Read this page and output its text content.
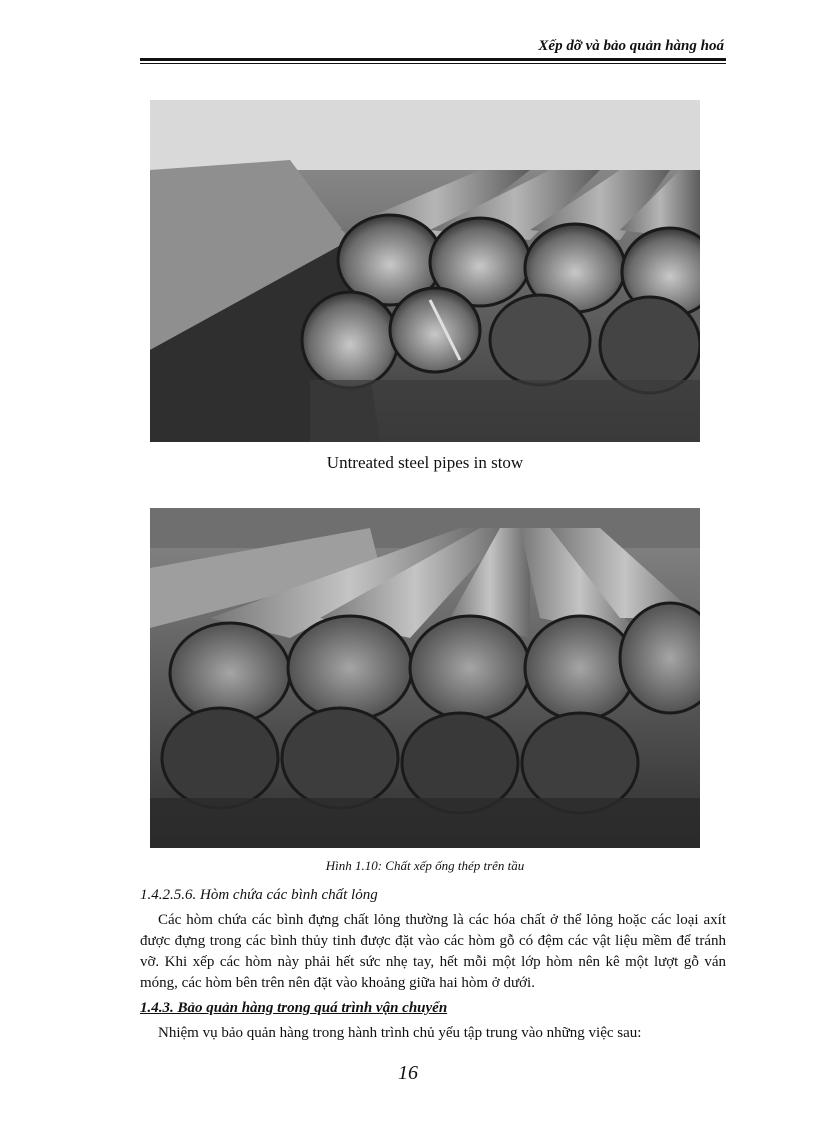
Xếp dỡ và bảo quản hàng hoá
Untreated steel pipes in stow
Hình 1.10: Chất xếp ống thép trên tầu
1.4.2.5.6. Hòm chứa các bình chất lỏng
Các hòm chứa các bình đựng chất lỏng thường là các hóa chất ở thể lỏng hoặc các loại axít được đựng trong các bình thủy tinh được đặt vào các hòm gỗ có đệm các vật liệu mềm để tránh vỡ. Khi xếp các hòm này phải hết sức nhẹ tay, hết mỗi một lớp hòm nên kê một lượt gỗ ván móng, các hòm bên trên nên đặt vào khoảng giữa hai hòm ở dưới.
1.4.3. Bảo quản hàng trong quá trình vận chuyển
Nhiệm vụ bảo quản hàng trong hành trình chủ yếu tập trung vào những việc sau:
16
